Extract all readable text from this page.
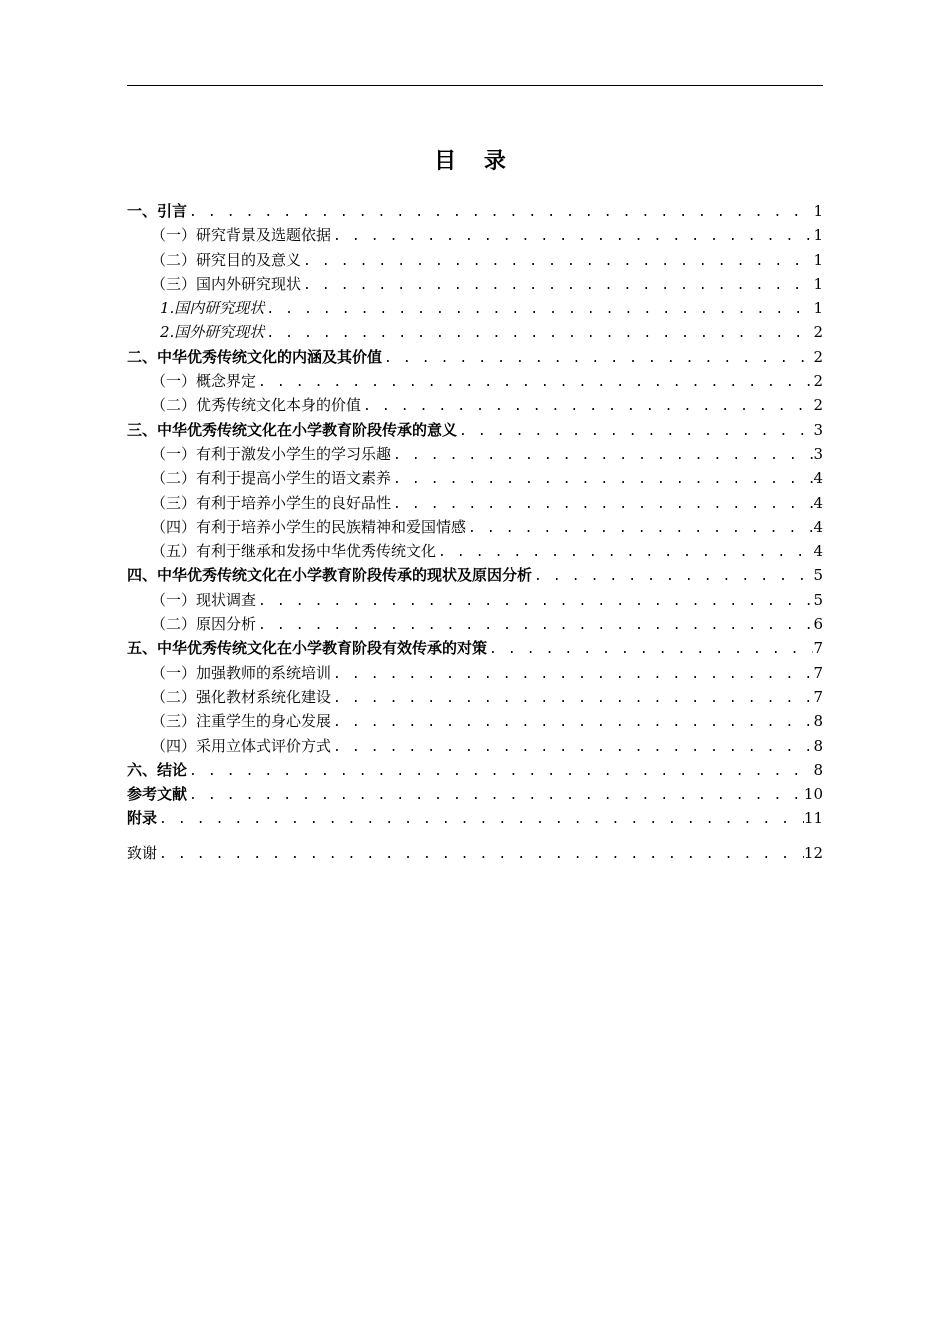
目 录
一、引言 . . .	1
（一）研究背景及选题依据 . . .	1
（二）研究目的及意义 . . .	1
（三）国内外研究现状 . . .	1
1.国内研究现状 . . .	1
2.国外研究现状 . . .	2
二、中华优秀传统文化的内涵及其价值 . . .	2
（一）概念界定 . . .	2
（二）优秀传统文化本身的价值 . . .	2
三、中华优秀传统文化在小学教育阶段传承的意义 . . .	3
（一）有利于激发小学生的学习乐趣 . . .	3
（二）有利于提高小学生的语文素养 . . .	4
（三）有利于培养小学生的良好品性 . . .	4
（四）有利于培养小学生的民族精神和爱国情感 . . .	4
（五）有利于继承和发扬中华优秀传统文化 . . .	4
四、中华优秀传统文化在小学教育阶段传承的现状及原因分析 . . .	5
（一）现状调查 . . .	5
（二）原因分析 . . .	6
五、中华优秀传统文化在小学教育阶段有效传承的对策 . . .	7
（一）加强教师的系统培训 . . .	7
（二）强化教材系统化建设 . . .	7
（三）注重学生的身心发展 . . .	8
（四）采用立体式评价方式 . . .	8
六、结论 . . .	8
参考文献 . . .	10
附录 . . .	11
致谢 . . .	12
